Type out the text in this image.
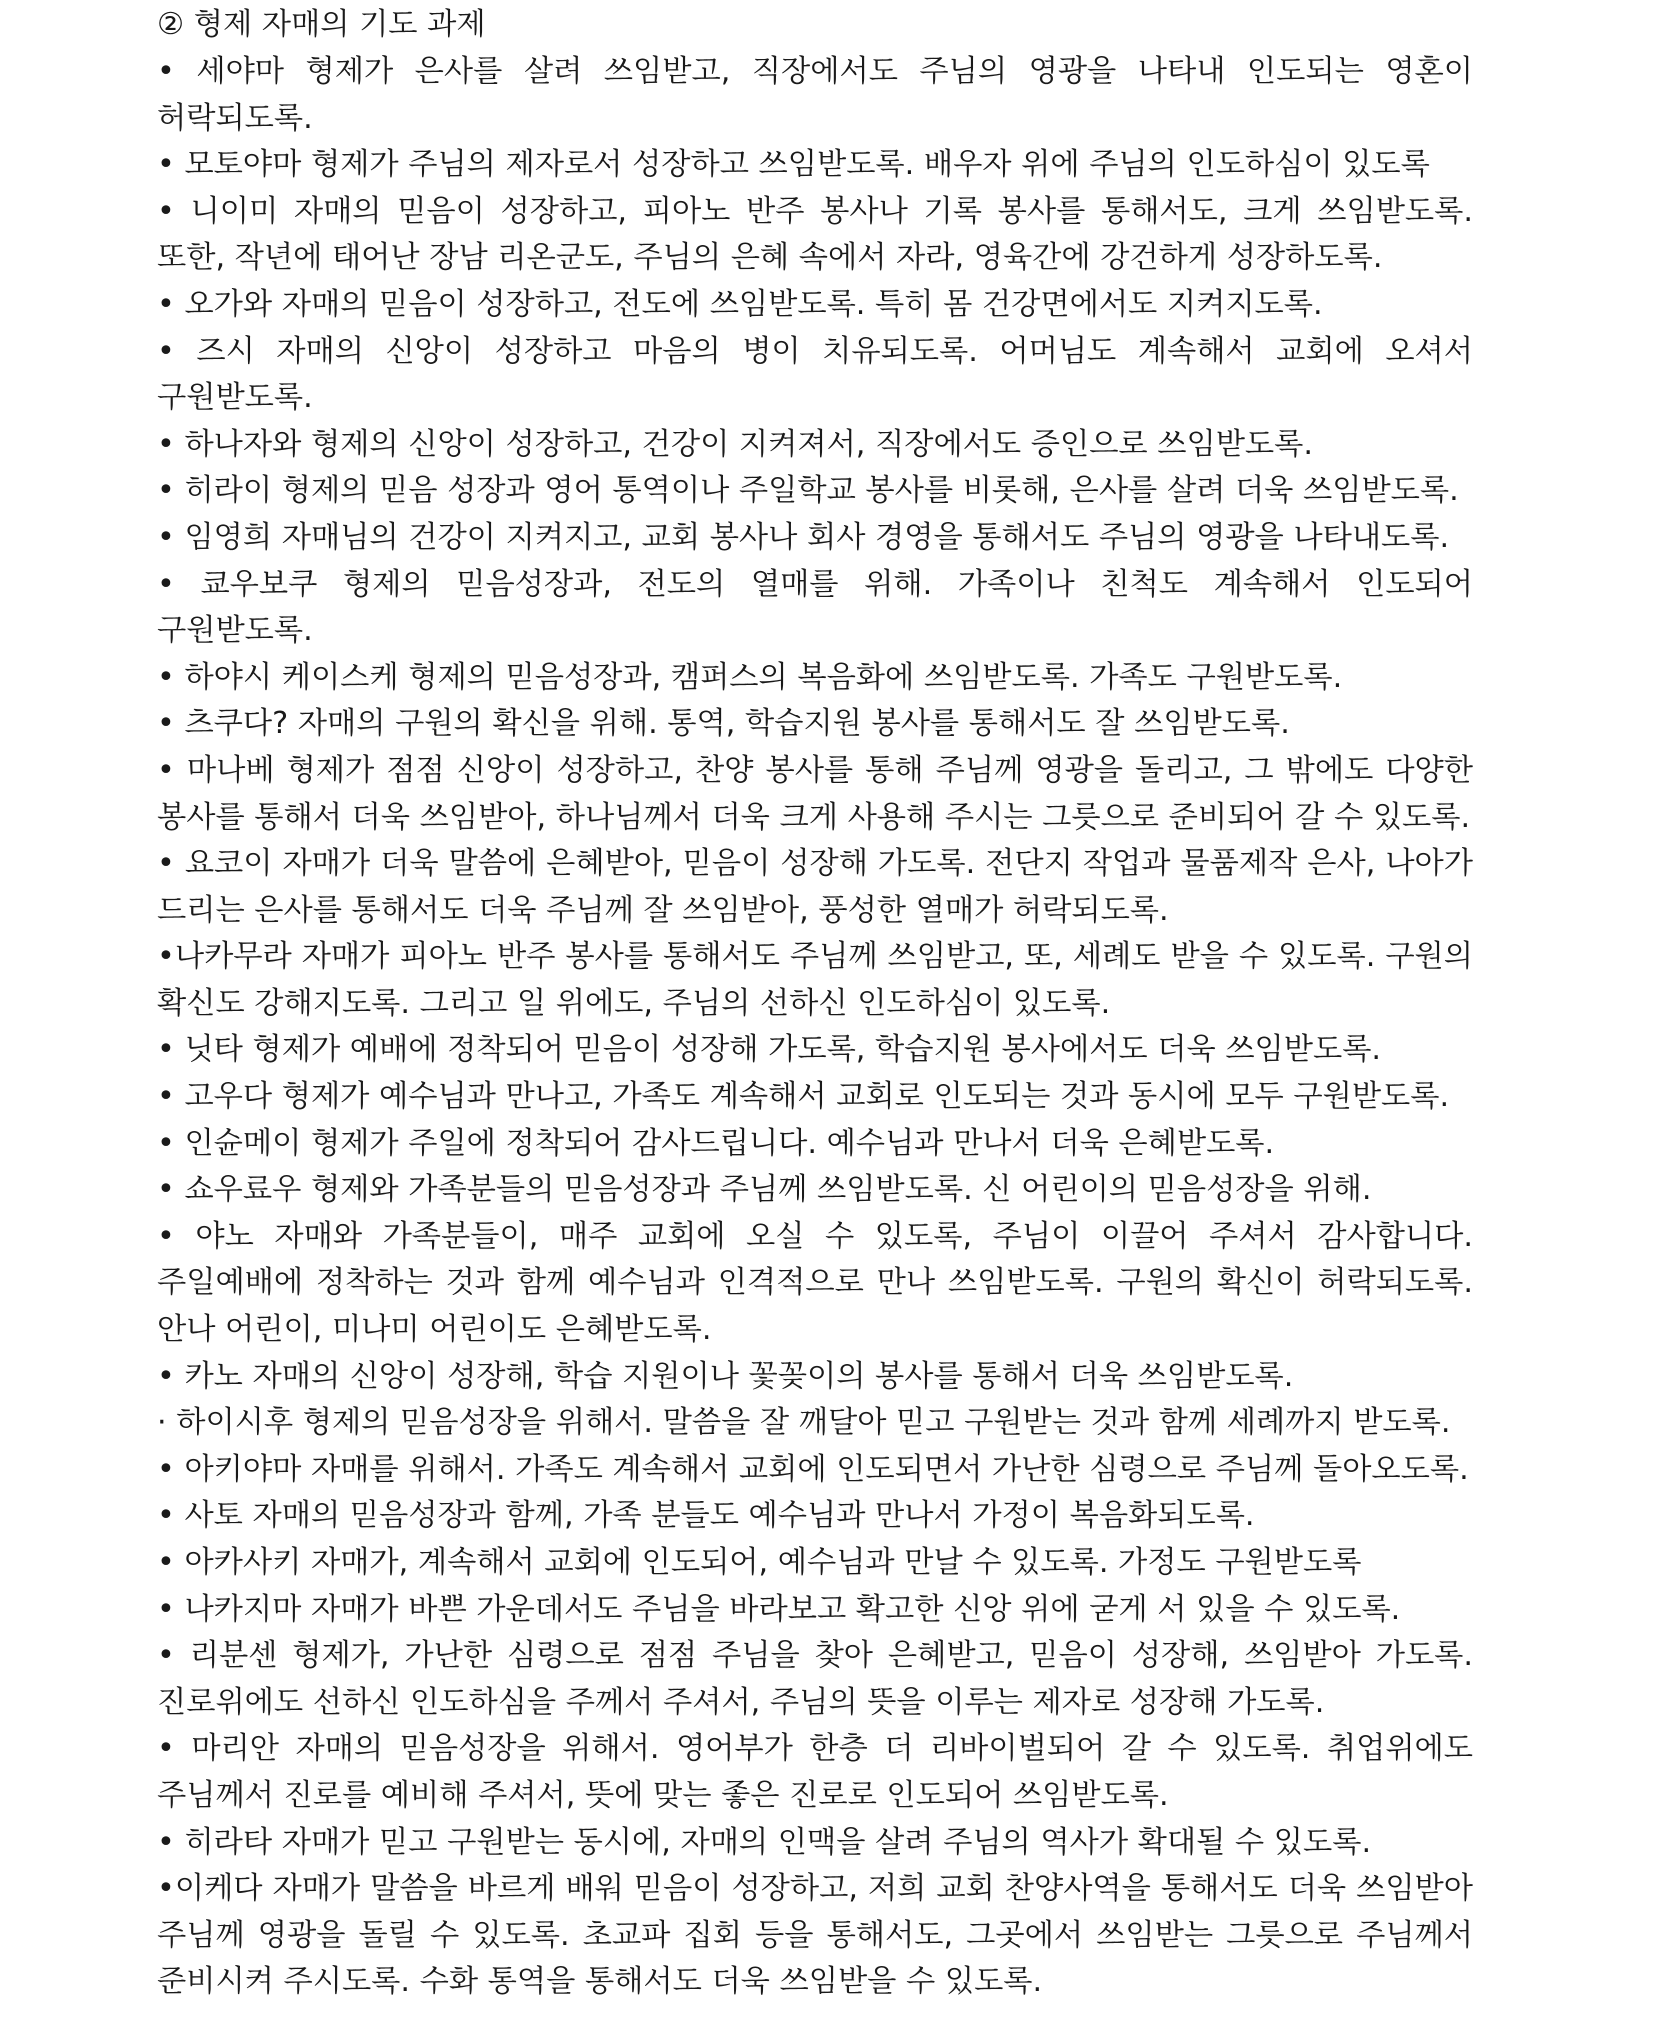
② 형제 자매의 기도 과제

• 세야마 형제가 은사를 살려 쓰임받고, 직장에서도 주님의 영광을 나타내 인도되는 영혼이 허락되도록.

• 모토야마 형제가 주님의 제자로서 성장하고 쓰임받도록. 배우자 위에 주님의 인도하심이 있도록

• 니이미 자매의 믿음이 성장하고, 피아노 반주 봉사나 기록 봉사를 통해서도, 크게 쓰임받도록. 또한, 작년에 태어난 장남 리온군도, 주님의 은혜 속에서 자라, 영육간에 강건하게 성장하도록.

• 오가와 자매의 믿음이 성장하고, 전도에 쓰임받도록. 특히 몸 건강면에서도 지켜지도록.

• 즈시 자매의 신앙이 성장하고 마음의 병이 치유되도록. 어머님도 계속해서 교회에 오셔서 구원받도록.

• 하나자와 형제의 신앙이 성장하고, 건강이 지켜져서, 직장에서도 증인으로 쓰임받도록.

• 히라이 형제의 믿음 성장과 영어 통역이나 주일학교 봉사를 비롯해, 은사를 살려 더욱 쓰임받도록.

• 임영희 자매님의 건강이 지켜지고, 교회 봉사나 회사 경영을 통해서도 주님의 영광을 나타내도록.

• 쿄우보쿠 형제의 믿음성장과, 전도의 열매를 위해. 가족이나 친척도 계속해서 인도되어 구원받도록.

• 하야시 케이스케 형제의 믿음성장과, 캠퍼스의 복음화에 쓰임받도록. 가족도 구원받도록.

• 츠쿠다? 자매의 구원의 확신을 위해. 통역, 학습지원 봉사를 통해서도 잘 쓰임받도록.

• 마나베 형제가 점점 신앙이 성장하고, 찬양 봉사를 통해 주님께 영광을 돌리고, 그 밖에도 다양한 봉사를 통해서 더욱 쓰임받아, 하나님께서 더욱 크게 사용해 주시는 그릇으로 준비되어 갈 수 있도록.

• 요코이 자매가 더욱 말씀에 은혜받아, 믿음이 성장해 가도록. 전단지 작업과 물품제작 은사, 나아가 드리는 은사를 통해서도 더욱 주님께 잘 쓰임받아, 풍성한 열매가 허락되도록.

•나카무라 자매가 피아노 반주 봉사를 통해서도 주님께 쓰임받고, 또, 세례도 받을 수 있도록. 구원의 확신도 강해지도록. 그리고 일 위에도, 주님의 선하신 인도하심이 있도록.

• 닛타 형제가 예배에 정착되어 믿음이 성장해 가도록, 학습지원 봉사에서도 더욱 쓰임받도록.

• 고우다 형제가 예수님과 만나고, 가족도 계속해서 교회로 인도되는 것과 동시에 모두 구원받도록.

• 인슌메이 형제가 주일에 정착되어 감사드립니다. 예수님과 만나서 더욱 은혜받도록.

• 쇼우료우 형제와 가족분들의 믿음성장과 주님께 쓰임받도록. 신 어린이의 믿음성장을 위해.

• 야노 자매와 가족분들이, 매주 교회에 오실 수 있도록, 주님이 이끌어 주셔서 감사합니다. 주일예배에 정착하는 것과 함께 예수님과 인격적으로 만나 쓰임받도록. 구원의 확신이 허락되도록. 안나 어린이, 미나미 어린이도 은혜받도록.

• 카노 자매의 신앙이 성장해, 학습 지원이나 꽃꽂이의 봉사를 통해서 더욱 쓰임받도록.

· 하이시후 형제의 믿음성장을 위해서. 말씀을 잘 깨달아 믿고 구원받는 것과 함께 세례까지 받도록.

• 아키야마 자매를 위해서. 가족도 계속해서 교회에 인도되면서 가난한 심령으로 주님께 돌아오도록.

• 사토 자매의 믿음성장과 함께, 가족 분들도 예수님과 만나서 가정이 복음화되도록.

• 아카사키 자매가, 계속해서 교회에 인도되어, 예수님과 만날 수 있도록. 가정도 구원받도록

• 나카지마 자매가 바쁜 가운데서도 주님을 바라보고 확고한 신앙 위에 굳게 서 있을 수 있도록.

• 리분센 형제가, 가난한 심령으로 점점 주님을 찾아 은혜받고, 믿음이 성장해, 쓰임받아 가도록. 진로위에도 선하신 인도하심을 주께서 주셔서, 주님의 뜻을 이루는 제자로 성장해 가도록.

• 마리안 자매의 믿음성장을 위해서. 영어부가 한층 더 리바이벌되어 갈 수 있도록. 취업위에도 주님께서 진로를 예비해 주셔서, 뜻에 맞는 좋은 진로로 인도되어 쓰임받도록.

• 히라타 자매가 믿고 구원받는 동시에, 자매의 인맥을 살려 주님의 역사가 확대될 수 있도록.

•이케다 자매가 말씀을 바르게 배워 믿음이 성장하고, 저희 교회 찬양사역을 통해서도 더욱 쓰임받아 주님께 영광을 돌릴 수 있도록. 초교파 집회 등을 통해서도, 그곳에서 쓰임받는 그릇으로 주님께서 준비시켜 주시도록. 수화 통역을 통해서도 더욱 쓰임받을 수 있도록.
